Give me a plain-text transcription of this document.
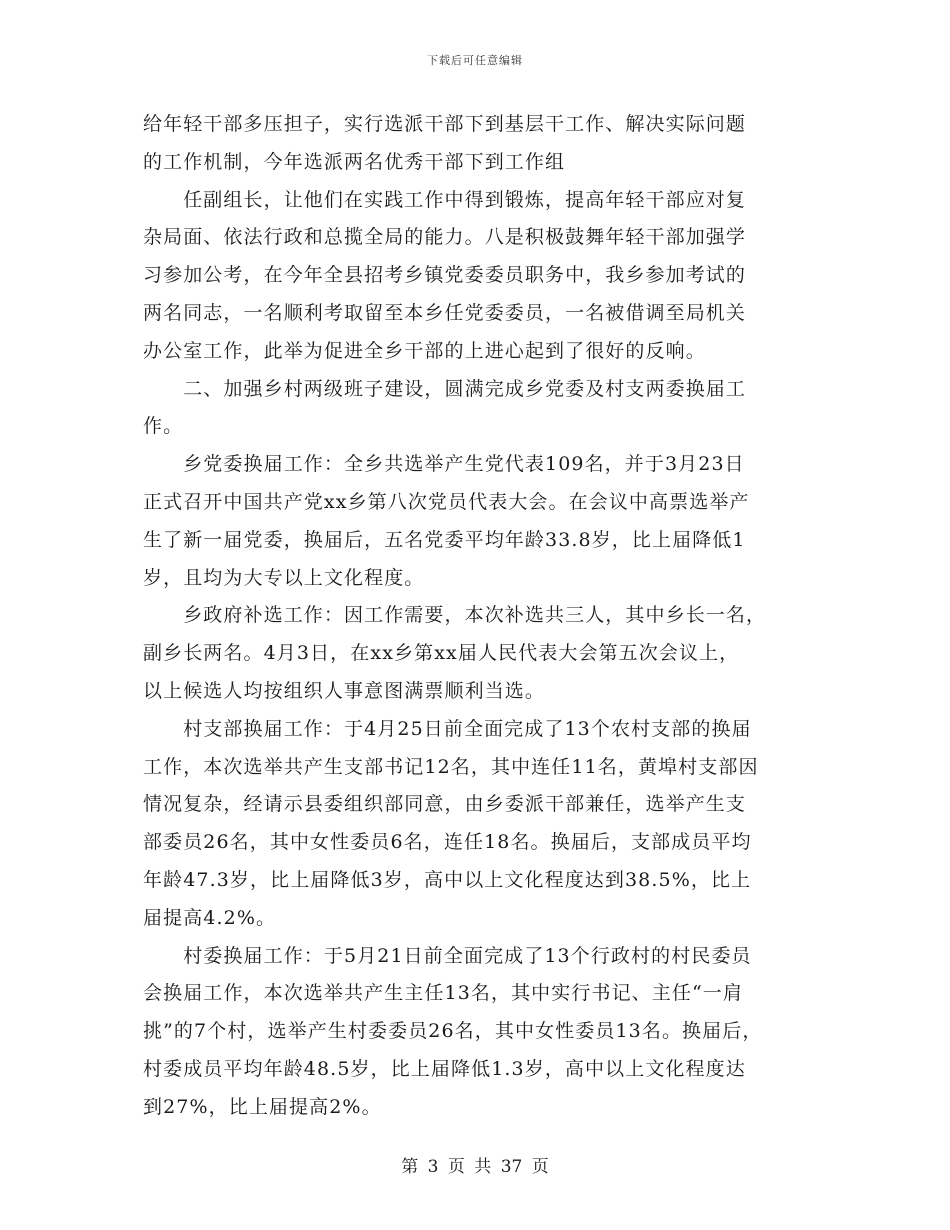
下载后可任意编辑

给年轻干部多压担子，实行选派干部下到基层干工作、解决实际问题
的工作机制，今年选派两名优秀干部下到工作组

　　任副组长，让他们在实践工作中得到锻炼，提高年轻干部应对复
杂局面、依法行政和总揽全局的能力。八是积极鼓舞年轻干部加强学
习参加公考，在今年全县招考乡镇党委委员职务中，我乡参加考试的
两名同志，一名顺利考取留至本乡任党委委员，一名被借调至局机关
办公室工作，此举为促进全乡干部的上进心起到了很好的反响。

　　二、加强乡村两级班子建设，圆满完成乡党委及村支两委换届工
作。

　　乡党委换届工作：全乡共选举产生党代表109名，并于3月23日
正式召开中国共产党xx乡第八次党员代表大会。在会议中高票选举产
生了新一届党委，换届后，五名党委平均年龄33.8岁，比上届降低1
岁，且均为大专以上文化程度。

　　乡政府补选工作：因工作需要，本次补选共三人，其中乡长一名，
副乡长两名。4月3日，在xx乡第xx届人民代表大会第五次会议上，
以上候选人均按组织人事意图满票顺利当选。

　　村支部换届工作：于4月25日前全面完成了13个农村支部的换届
工作，本次选举共产生支部书记12名，其中连任11名，黄埠村支部因
情况复杂，经请示县委组织部同意，由乡委派干部兼任，选举产生支
部委员26名，其中女性委员6名，连任18名。换届后，支部成员平均
年龄47.3岁，比上届降低3岁，高中以上文化程度达到38.5%，比上
届提高4.2%。

　　村委换届工作：于5月21日前全面完成了13个行政村的村民委员
会换届工作，本次选举共产生主任13名，其中实行书记、主任“一肩
挑”的7个村，选举产生村委委员26名，其中女性委员13名。换届后，
村委成员平均年龄48.5岁，比上届降低1.3岁，高中以上文化程度达
到27%，比上届提高2%。

第 3 页 共 37 页
